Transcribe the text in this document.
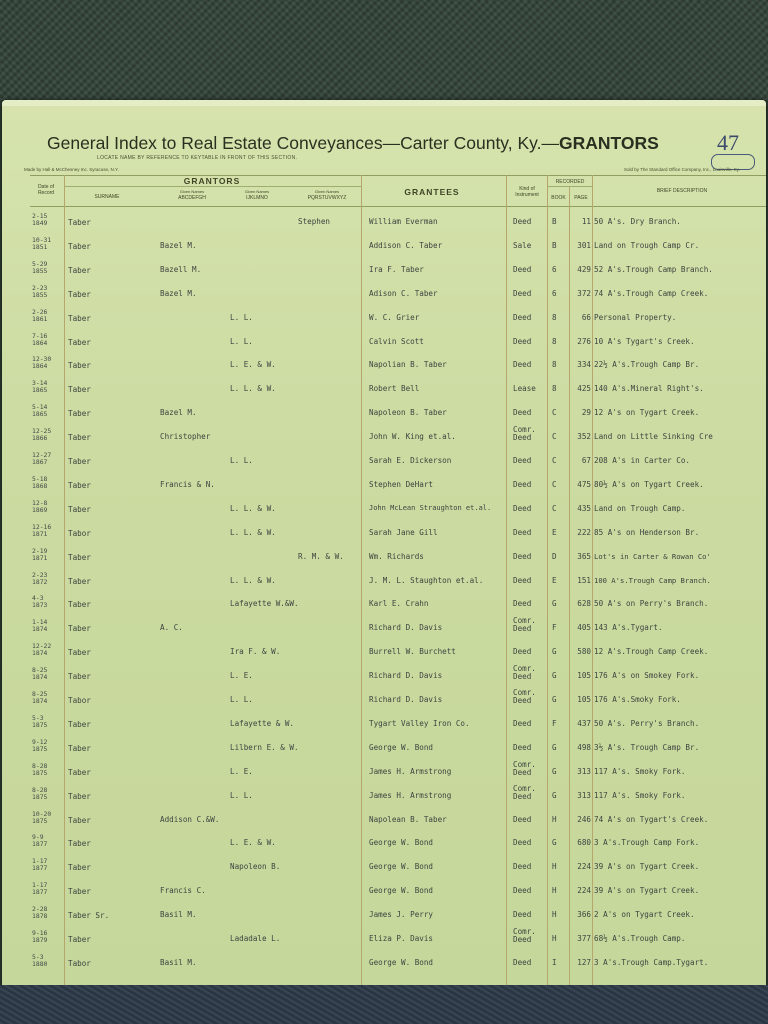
General Index to Real Estate Conveyances—Carter County, Ky.—GRANTORS	47
LOCATE NAME BY REFERENCE TO KEYTABLE IN FRONT OF THIS SECTION.
Made by Hall & McChesney Inc. Syracuse, N.Y.	Sold by The Standard Office Company, Inc., Louisville, Ky.
Date of Record
GRANTORS
SURNAME
Given Names
ABCDEFGH
Given Names
IJKLMNO
Given Names
PQRSTUVWXYZ
GRANTEES	Kind of Instrument
RECORDED
BOOK	PAGE
BRIEF DESCRIPTION
2-15
1849	Taber	Stephen	William Everman	Deed	B	11 50 A's. Dry Branch.
10-31
1851	Taber	Bazel M.	Addison C. Taber	Sale	B	301 Land on Trough Camp Cr.
5-29
1855	Taber	Bazell M.	Ira F. Taber	Deed	6	429 52 A's.Trough Camp Branch.
2-23
1855	Taber	Bazel M.	Adison C. Taber	Deed	6	372 74 A's.Trough Camp Creek.
2-26
1861	Taber	L. L.	W. C. Grier	Deed	8	66 Personal Property.
7-16
1864	Taber	L. L.	Calvin Scott	Deed	8	276 10 A's Tygart's Creek.
12-30
1864	Taber	L. E. & W.	Napolian B. Taber	Deed	8	334 22½ A's.Trough Camp Br.
3-14
1865	Taber	L. L. & W.	Robert Bell	Lease 8	425 140 A's.Mineral Right's.
5-14
1865	Taber	Bazel M.	Napoleon B. Taber	Deed	C	29 12 A's on Tygart Creek.
12-25
1866	Taber	Christopher	John W. King et.al.
Comr. Deed	C	352 Land on Little Sinking Cre
12-27
1867	Taber	L. L.	Sarah E. Dickerson	Deed	C	67 208 A's in Carter Co.
5-18
1868	Taber	Francis & N.	Stephen DeHart	Deed	C	475 80½ A's on Tygart Creek.
12-8
1869	Taber	L. L. & W.	John McLean Straughton et.al.	Deed	C	435 Land on Trough Camp.
12-16
1871	Tabor	L. L. & W.	Sarah Jane Gill	Deed	E	222 85 A's on Henderson Br.
2-19
1871	Taber	R. M. & W.	Wm. Richards	Deed	D	365 Lot's in Carter & Rowan Co'
2-23
1872	Taber	L. L. & W.	J. M. L. Staughton et.al.	Deed	E	151 100 A's.Trough Camp Branch.
4-3
1873	Taber	Lafayette W.&W.	Karl E. Crahn	Deed	G	628 50 A's on Perry's Branch.
1-14
1874	Taber	A. C.	Richard D. Davis
Comr. Deed	F	405 143 A's.Tygart.
12-22
1874	Taber	Ira F. & W.	Burrell W. Burchett	Deed	G	580 12 A's.Trough Camp Creek.
8-25
1874	Taber	L. E.	Richard D. Davis
Comr. Deed	G	105 176 A's on Smokey Fork.
8-25
1874	Tabor	L. L.	Richard D. Davis
Comr. Deed	G	105 176 A's.Smoky Fork.
5-3
1875	Taber	Lafayette & W.	Tygart Valley Iron Co.	Deed	F	437 50 A's. Perry's Branch.
9-12
1875	Taber	Lilbern E. & W.	George W. Bond	Deed	G	498 3½ A's. Trough Camp Br.
8-28
1875	Taber	L. E.	James H. Armstrong
Comr. Deed	G	313 117 A's. Smoky Fork.
8-28
1875	Taber	L. L.	James H. Armstrong
Comr. Deed	G	313 117 A's. Smoky Fork.
10-20
1875	Taber	Addison C.&W.	Napolean B. Taber	Deed	H	246 74 A's on Tygart's Creek.
9-9
1877	Taber	L. E. & W.	George W. Bond	Deed	G	680 3 A's.Trough Camp Fork.
1-17
1877	Taber	Napoleon B.	George W. Bond	Deed	H	224 39 A's on Tygart Creek.
1-17
1877	Taber	Francis C.	George W. Bond	Deed	H	224 39 A's on Tygart Creek.
2-28
1878	Taber Sr.	Basil M.	James J. Perry	Deed	H	366 2 A's on Tygart Creek.
9-16
1879	Taber	Ladadale L.	Eliza P. Davis
Comr. Deed	H	377 68½ A's.Trough Camp.
5-3
1880	Tabor	Basil M.	George W. Bond	Deed	I	127 3 A's.Trough Camp.Tygart.
